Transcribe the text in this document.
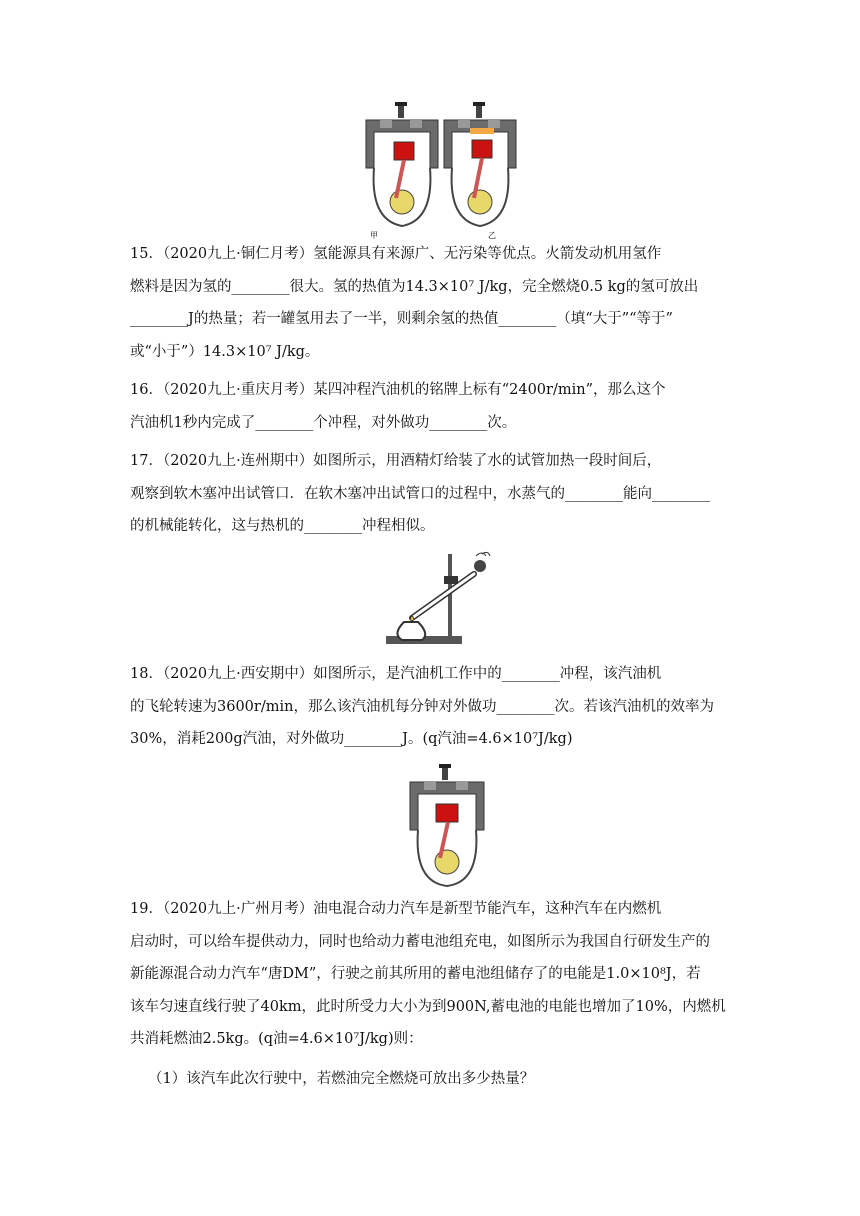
甲	乙
15．（2020九上·铜仁月考）氢能源具有来源广、无污染等优点。火箭发动机用氢作
燃料是因为氢的________很大。氢的热值为14.3×10⁷ J/kg，完全燃烧0.5 kg的氢可放出
________J的热量；若一罐氢用去了一半，则剩余氢的热值________（填“大于”“等于”
或“小于”）14.3×10⁷ J/kg。
16．（2020九上·重庆月考）某四冲程汽油机的铭牌上标有“2400r/min”，那么这个
汽油机1秒内完成了________个冲程，对外做功________次。
17．（2020九上·连州期中）如图所示，用酒精灯给装了水的试管加热一段时间后，
观察到软木塞冲出试管口．在软木塞冲出试管口的过程中，水蒸气的________能向________
的机械能转化，这与热机的________冲程相似。
18．（2020九上·西安期中）如图所示，是汽油机工作中的________冲程，该汽油机
的飞轮转速为3600r/min，那么该汽油机每分钟对外做功________次。若该汽油机的效率为
30%，消耗200g汽油，对外做功________J。(q汽油=4.6×10⁷J/kg)
19．（2020九上·广州月考）油电混合动力汽车是新型节能汽车，这种汽车在内燃机
启动时，可以给车提供动力，同时也给动力蓄电池组充电，如图所示为我国自行研发生产的
新能源混合动力汽车“唐DM”，行驶之前其所用的蓄电池组储存了的电能是1.0×10⁸J，若
该车匀速直线行驶了40km，此时所受力大小为到900N,蓄电池的电能也增加了10%，内燃机
共消耗燃油2.5kg。(q油=4.6×10⁷J/kg)则：
（1）该汽车此次行驶中，若燃油完全燃烧可放出多少热量？
